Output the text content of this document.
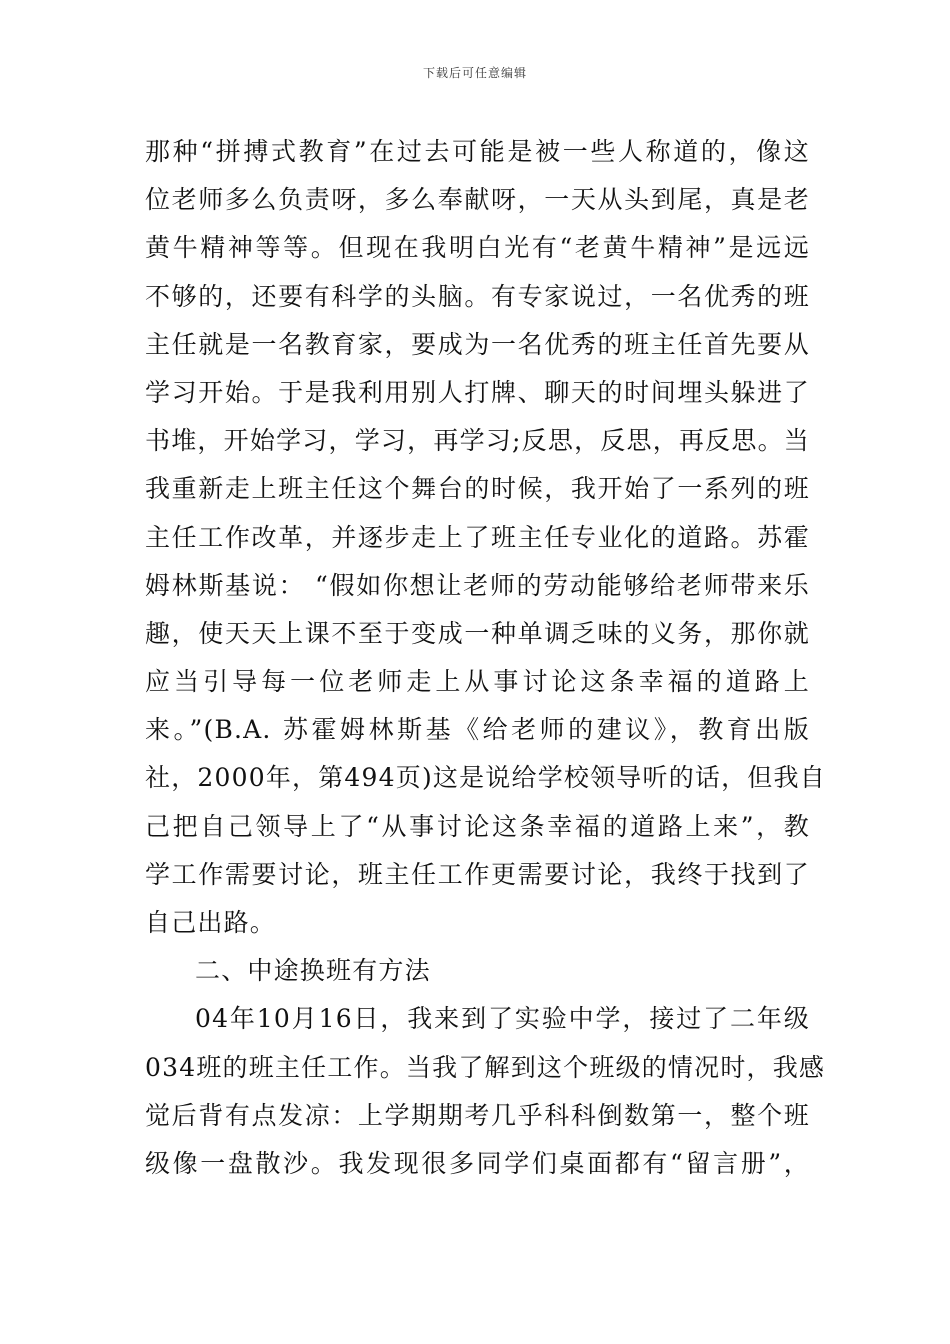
下载后可任意编辑
那种“拼搏式教育”在过去可能是被一些人称道的，像这
位老师多么负责呀，多么奉献呀，一天从头到尾，真是老
黄牛精神等等。但现在我明白光有“老黄牛精神”是远远
不够的，还要有科学的头脑。有专家说过，一名优秀的班
主任就是一名教育家，要成为一名优秀的班主任首先要从
学习开始。于是我利用别人打牌、聊天的时间埋头躲进了
书堆，开始学习，学习，再学习;反思，反思，再反思。当
我重新走上班主任这个舞台的时候，我开始了一系列的班
主任工作改革，并逐步走上了班主任专业化的道路。苏霍
姆林斯基说： “假如你想让老师的劳动能够给老师带来乐
趣，使天天上课不至于变成一种单调乏味的义务，那你就
应当引导每一位老师走上从事讨论这条幸福的道路上
来。”(B.A. 苏霍姆林斯基《给老师的建议》，教育出版
社，2000年，第494页)这是说给学校领导听的话，但我自
己把自己领导上了“从事讨论这条幸福的道路上来”，教
学工作需要讨论，班主任工作更需要讨论，我终于找到了
自己出路。
二、中途换班有方法
04年10月16日，我来到了实验中学，接过了二年级
034班的班主任工作。当我了解到这个班级的情况时，我感
觉后背有点发凉：上学期期考几乎科科倒数第一，整个班
级像一盘散沙。我发现很多同学们桌面都有“留言册”，
